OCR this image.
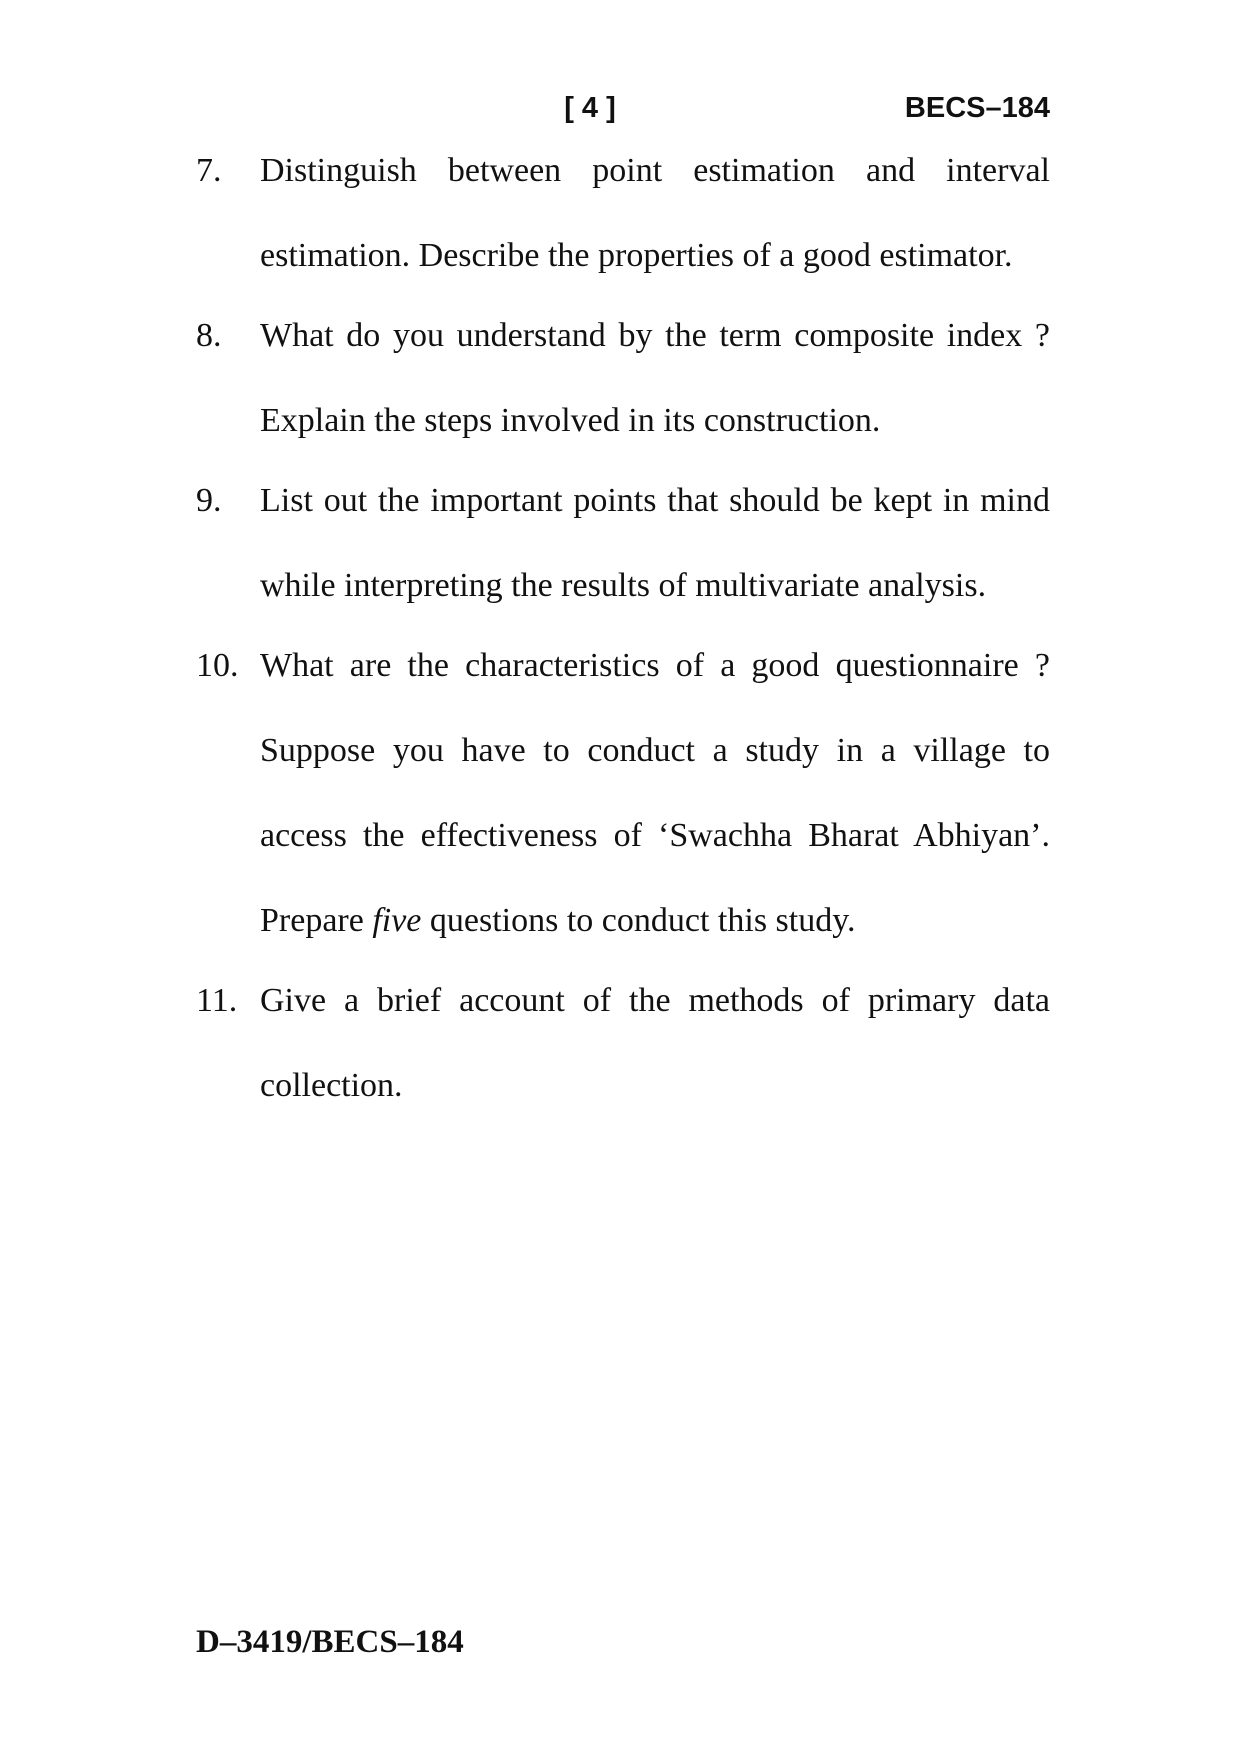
[ 4 ]	BECS–184
7.	Distinguish between point estimation and interval estimation. Describe the properties of a good estimator.
8.	What do you understand by the term composite index ? Explain the steps involved in its construction.
9.	List out the important points that should be kept in mind while interpreting the results of multivariate analysis.
10. What are the characteristics of a good questionnaire ? Suppose you have to conduct a study in a village to access the effectiveness of ‘Swachha Bharat Abhiyan’. Prepare five questions to conduct this study.
11. Give a brief account of the methods of primary data collection.
D–3419/BECS–184
